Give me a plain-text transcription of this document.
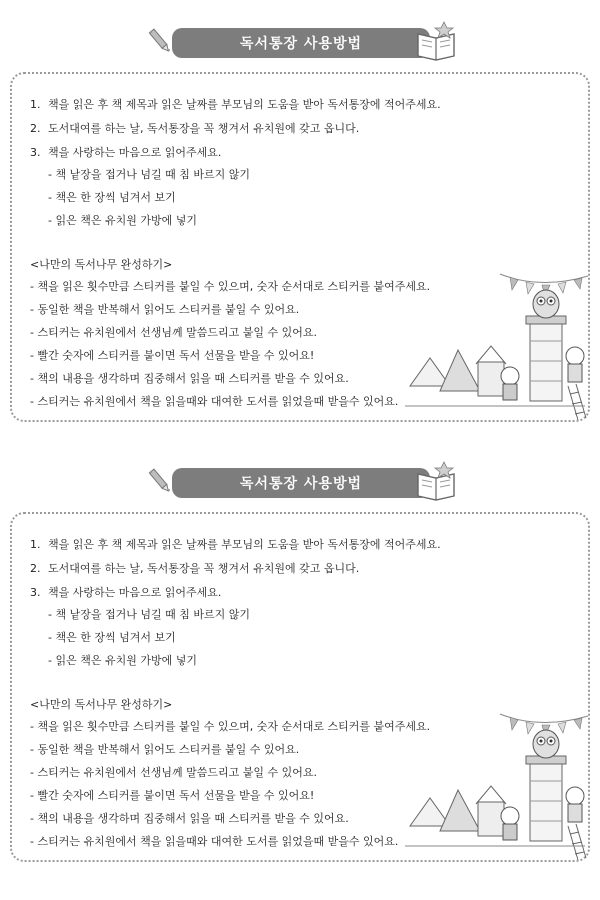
독서통장 사용방법
1. 책을 읽은 후 책 제목과 읽은 날짜를 부모님의 도움을 받아 독서통장에 적어주세요.
2. 도서대여를 하는 날, 독서통장을 꼭 챙겨서 유치원에 갖고 옵니다.
3. 책을 사랑하는 마음으로 읽어주세요.
- 책 낱장을 접거나 넘길 때 침 바르지 않기
- 책은 한 장씩 넘겨서 보기
- 읽은 책은 유치원 가방에 넣기
<나만의 독서나무 완성하기>
- 책을 읽은 횟수만큼 스티커를 붙일 수 있으며, 숫자 순서대로 스티커를 붙여주세요.
- 동일한 책을 반복해서 읽어도 스티커를 붙일 수 있어요.
- 스티커는 유치원에서 선생님께 말씀드리고 붙일 수 있어요.
- 빨간 숫자에 스티커를 붙이면 독서 선물을 받을 수 있어요!
- 책의 내용을 생각하며 집중해서 읽을 때 스티커를 받을 수 있어요.
- 스티커는 유치원에서 책을 읽을때와 대여한 도서를 읽었을때 받을수 있어요.
독서통장 사용방법
1. 책을 읽은 후 책 제목과 읽은 날짜를 부모님의 도움을 받아 독서통장에 적어주세요.
2. 도서대여를 하는 날, 독서통장을 꼭 챙겨서 유치원에 갖고 옵니다.
3. 책을 사랑하는 마음으로 읽어주세요.
- 책 낱장을 접거나 넘길 때 침 바르지 않기
- 책은 한 장씩 넘겨서 보기
- 읽은 책은 유치원 가방에 넣기
<나만의 독서나무 완성하기>
- 책을 읽은 횟수만큼 스티커를 붙일 수 있으며, 숫자 순서대로 스티커를 붙여주세요.
- 동일한 책을 반복해서 읽어도 스티커를 붙일 수 있어요.
- 스티커는 유치원에서 선생님께 말씀드리고 붙일 수 있어요.
- 빨간 숫자에 스티커를 붙이면 독서 선물을 받을 수 있어요!
- 책의 내용을 생각하며 집중해서 읽을 때 스티커를 받을 수 있어요.
- 스티커는 유치원에서 책을 읽을때와 대여한 도서를 읽었을때 받을수 있어요.
